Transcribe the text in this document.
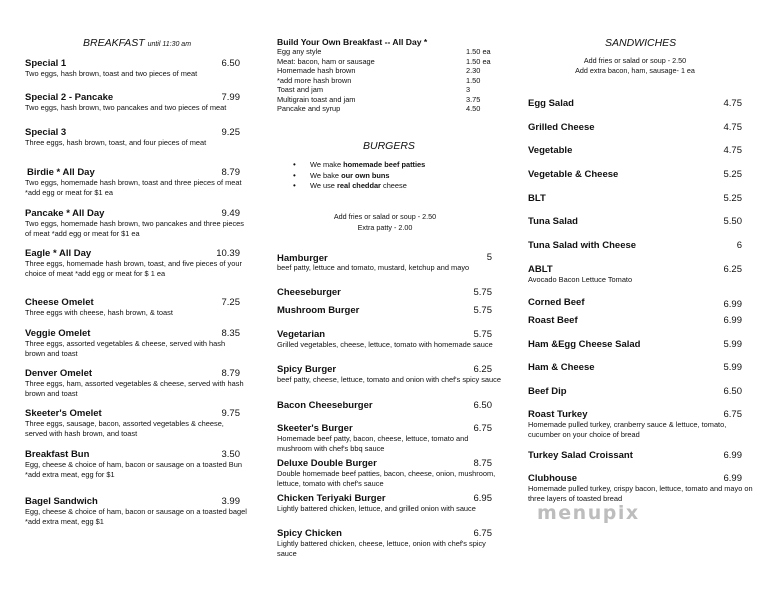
BREAKFAST until 11:30 am
Special 1	6.50
Two eggs, hash brown, toast and two pieces of meat
Special 2 - Pancake	7.99
Two eggs, hash brown, two pancakes and two pieces of meat
Special 3	9.25
Three eggs, hash brown, toast, and four pieces of meat
Birdie * All Day	8.79
Two eggs, homemade hash brown, toast and three pieces of meat *add egg or meat for $1 ea
Pancake * All Day	9.49
Two eggs, homemade hash brown, two pancakes and three pieces of meat *add egg or meat for $1 ea
Eagle * All Day	10.39
Three eggs, homemade hash brown, toast, and five pieces of your choice of meat *add egg or meat for $ 1 ea
Cheese Omelet	7.25
Three eggs with cheese, hash brown, & toast
Veggie Omelet	8.35
Three eggs, assorted vegetables & cheese, served with hash brown and toast
Denver Omelet	8.79
Three eggs, ham, assorted vegetables & cheese, served with hash brown and toast
Skeeter's Omelet	9.75
Three eggs, sausage, bacon, assorted vegetables & cheese, served with hash brown, and toast
Breakfast Bun	3.50
Egg, cheese & choice of ham, bacon or sausage on a toasted Bun *add extra meat, egg for $1
Bagel Sandwich	3.99
Egg, cheese & choice of ham, bacon or sausage on a toasted bagel *add extra meat, egg $1
Build Your Own Breakfast -- All Day *
Egg any style	1.50 ea
Meat: bacon, ham or sausage	1.50 ea
Homemade hash brown	2.30
*add more hash brown	1.50
Toast and jam	3
Multigrain toast and jam	3.75
Pancake and syrup	4.50
BURGERS
• We make homemade beef patties
• We bake our own buns
• We use real cheddar cheese
Add fries or salad or soup - 2.50
Extra patty - 2.00
Hamburger	5
beef patty, lettuce and tomato, mustard, ketchup and mayo
Cheeseburger	5.75
Mushroom Burger	5.75
Vegetarian	5.75
Grilled vegetables, cheese, lettuce, tomato with homemade sauce
Spicy Burger	6.25
beef patty, cheese, lettuce, tomato and onion with chef's spicy sauce
Bacon Cheeseburger	6.50
Skeeter's Burger	6.75
Homemade beef patty, bacon, cheese, lettuce, tomato and mushroom with chef's bbq sauce
Deluxe Double Burger	8.75
Double homemade beef patties, bacon, cheese, onion, mushroom, lettuce, tomato with chef's sauce
Chicken Teriyaki Burger	6.95
Lightly battered chicken, lettuce, and grilled onion with sauce
Spicy Chicken	6.75
Lightly battered chicken, cheese, lettuce, onion with chef's spicy sauce
SANDWICHES
Add fries or salad or soup - 2.50
Add extra bacon, ham, sausage- 1 ea
Egg Salad	4.75
Grilled Cheese	4.75
Vegetable	4.75
Vegetable & Cheese	5.25
BLT	5.25
Tuna Salad	5.50
Tuna Salad with Cheese	6
ABLT	6.25
Avocado Bacon Lettuce Tomato
Corned Beef	6.99
Roast Beef	6.99
Ham &Egg Cheese Salad	5.99
Ham & Cheese	5.99
Beef Dip	6.50
Roast Turkey	6.75
Homemade pulled turkey, cranberry sauce & lettuce, tomato, cucumber on your choice of bread
Turkey Salad Croissant	6.99
Clubhouse	6.99
Homemade pulled turkey, crispy bacon, lettuce, tomato and mayo on three layers of toasted bread
menupix
